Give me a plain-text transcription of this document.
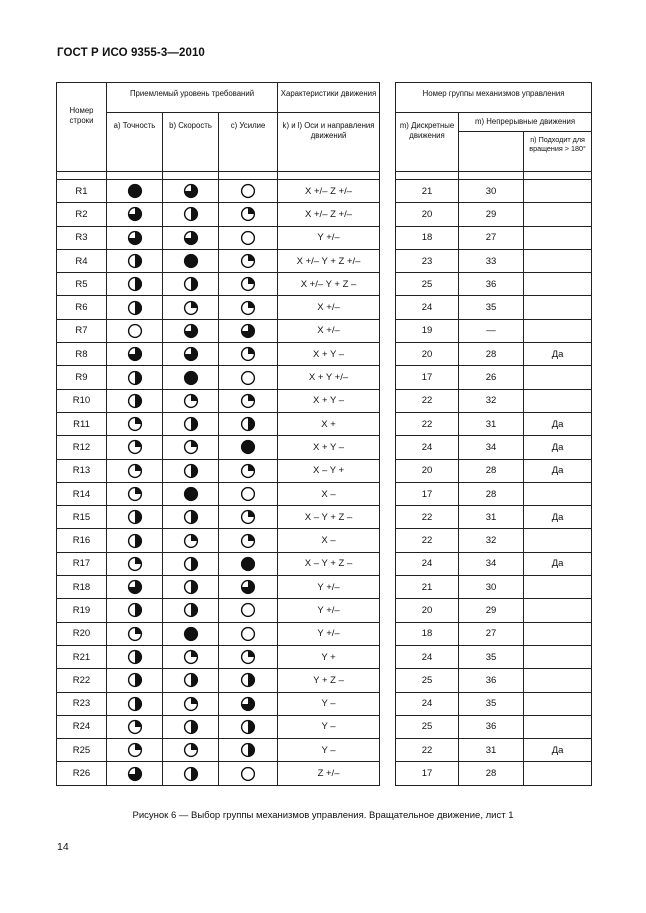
ГОСТ Р ИСО 9355-3—2010
Номер строки	Приемлемый уровень требований			Характеристики движения		Номер группы механизмов управления		
	а) Точность	b) Скорость	c) Усилие	k) и l) Оси и направления движений		m) Дискретные движения	m) Непрерывные движения	
								n) Подходит для вращения > 180°

R1				X +/– Z +/–		21	30	
R2				X +/– Z +/–		20	29	
R3				Y +/–		18	27	
R4				X +/– Y + Z +/–		23	33	
R5				X +/– Y + Z –		25	36	
R6				X +/–		24	35	
R7				X +/–		19	—	
R8				X + Y –		20	28	Да
R9				X + Y +/–		17	26	
R10				X + Y –		22	32	
R11				X +		22	31	Да
R12				X + Y –		24	34	Да
R13				X – Y +		20	28	Да
R14				X –		17	28	
R15				X – Y + Z –		22	31	Да
R16				X –		22	32	
R17				X – Y + Z –		24	34	Да
R18				Y +/–		21	30	
R19				Y +/–		20	29	
R20				Y +/–		18	27	
R21				Y +		24	35	
R22				Y + Z –		25	36	
R23				Y –		24	35	
R24				Y –		25	36	
R25				Y –		22	31	Да
R26				Z +/–		17	28	
Рисунок 6 — Выбор группы механизмов управления. Вращательное движение, лист 1
14
